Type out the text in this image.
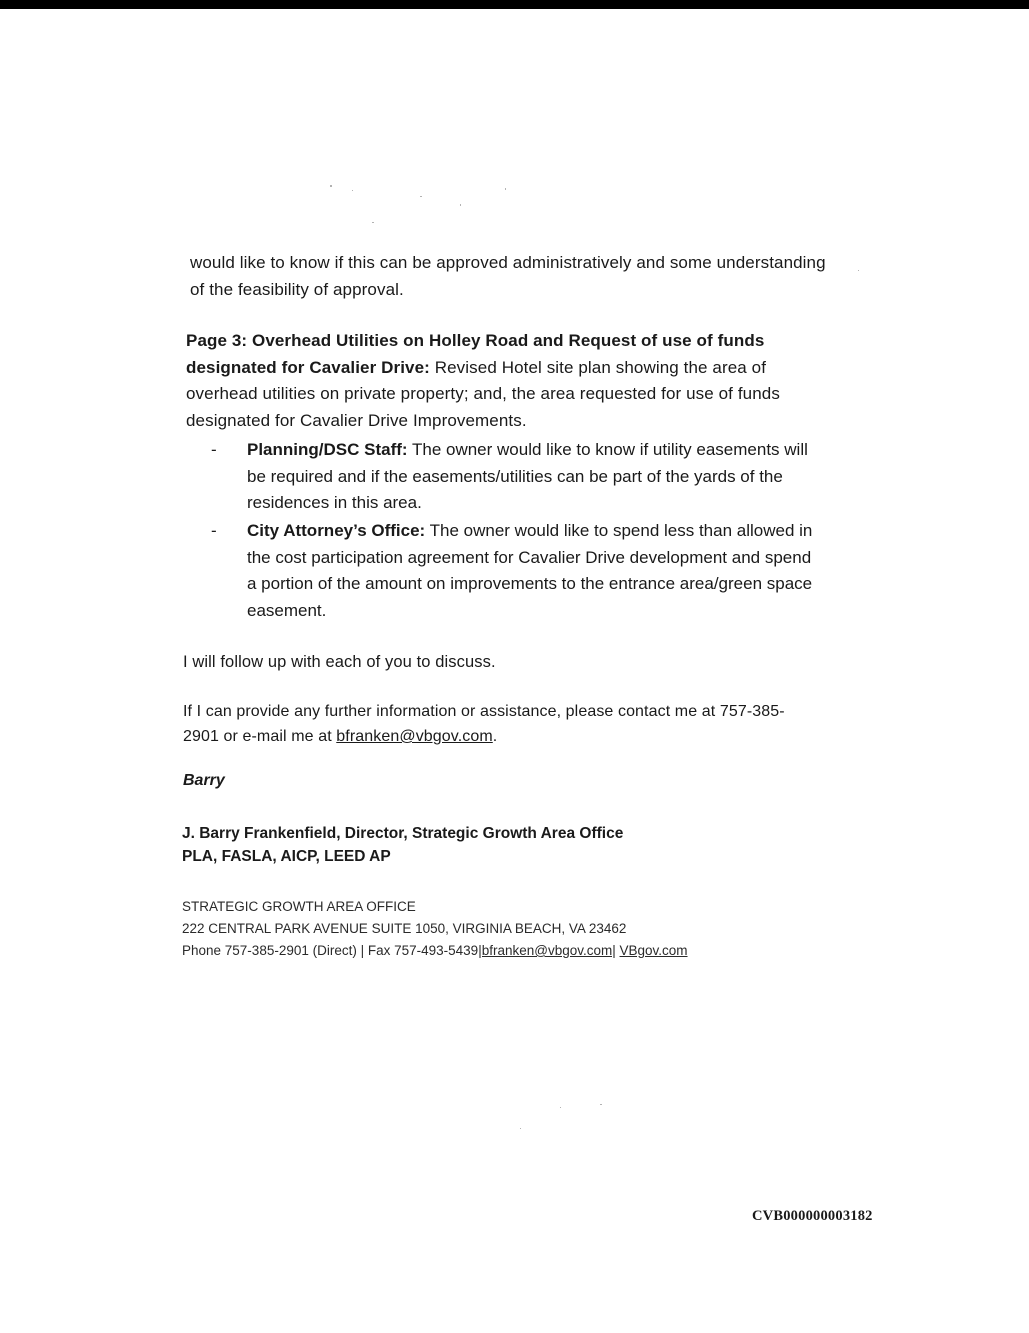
would like to know if this can be approved administratively and some understanding of the feasibility of approval.
Page 3: Overhead Utilities on Holley Road and Request of use of funds designated for Cavalier Drive: Revised Hotel site plan showing the area of overhead utilities on private property; and, the area requested for use of funds designated for Cavalier Drive Improvements.
- Planning/DSC Staff: The owner would like to know if utility easements will be required and if the easements/utilities can be part of the yards of the residences in this area.
- City Attorney’s Office: The owner would like to spend less than allowed in the cost participation agreement for Cavalier Drive development and spend a portion of the amount on improvements to the entrance area/green space easement.
I will follow up with each of you to discuss.
If I can provide any further information or assistance, please contact me at 757-385-
2901 or e-mail me at bfranken@vbgov.com.
Barry
J. Barry Frankenfield, Director, Strategic Growth Area Office
PLA, FASLA, AICP, LEED AP
STRATEGIC GROWTH AREA OFFICE
222 CENTRAL PARK AVENUE SUITE 1050, VIRGINIA BEACH, VA 23462
Phone 757-385-2901 (Direct) | Fax 757-493-5439|bfranken@vbgov.com| VBgov.com
CVB000000003182
